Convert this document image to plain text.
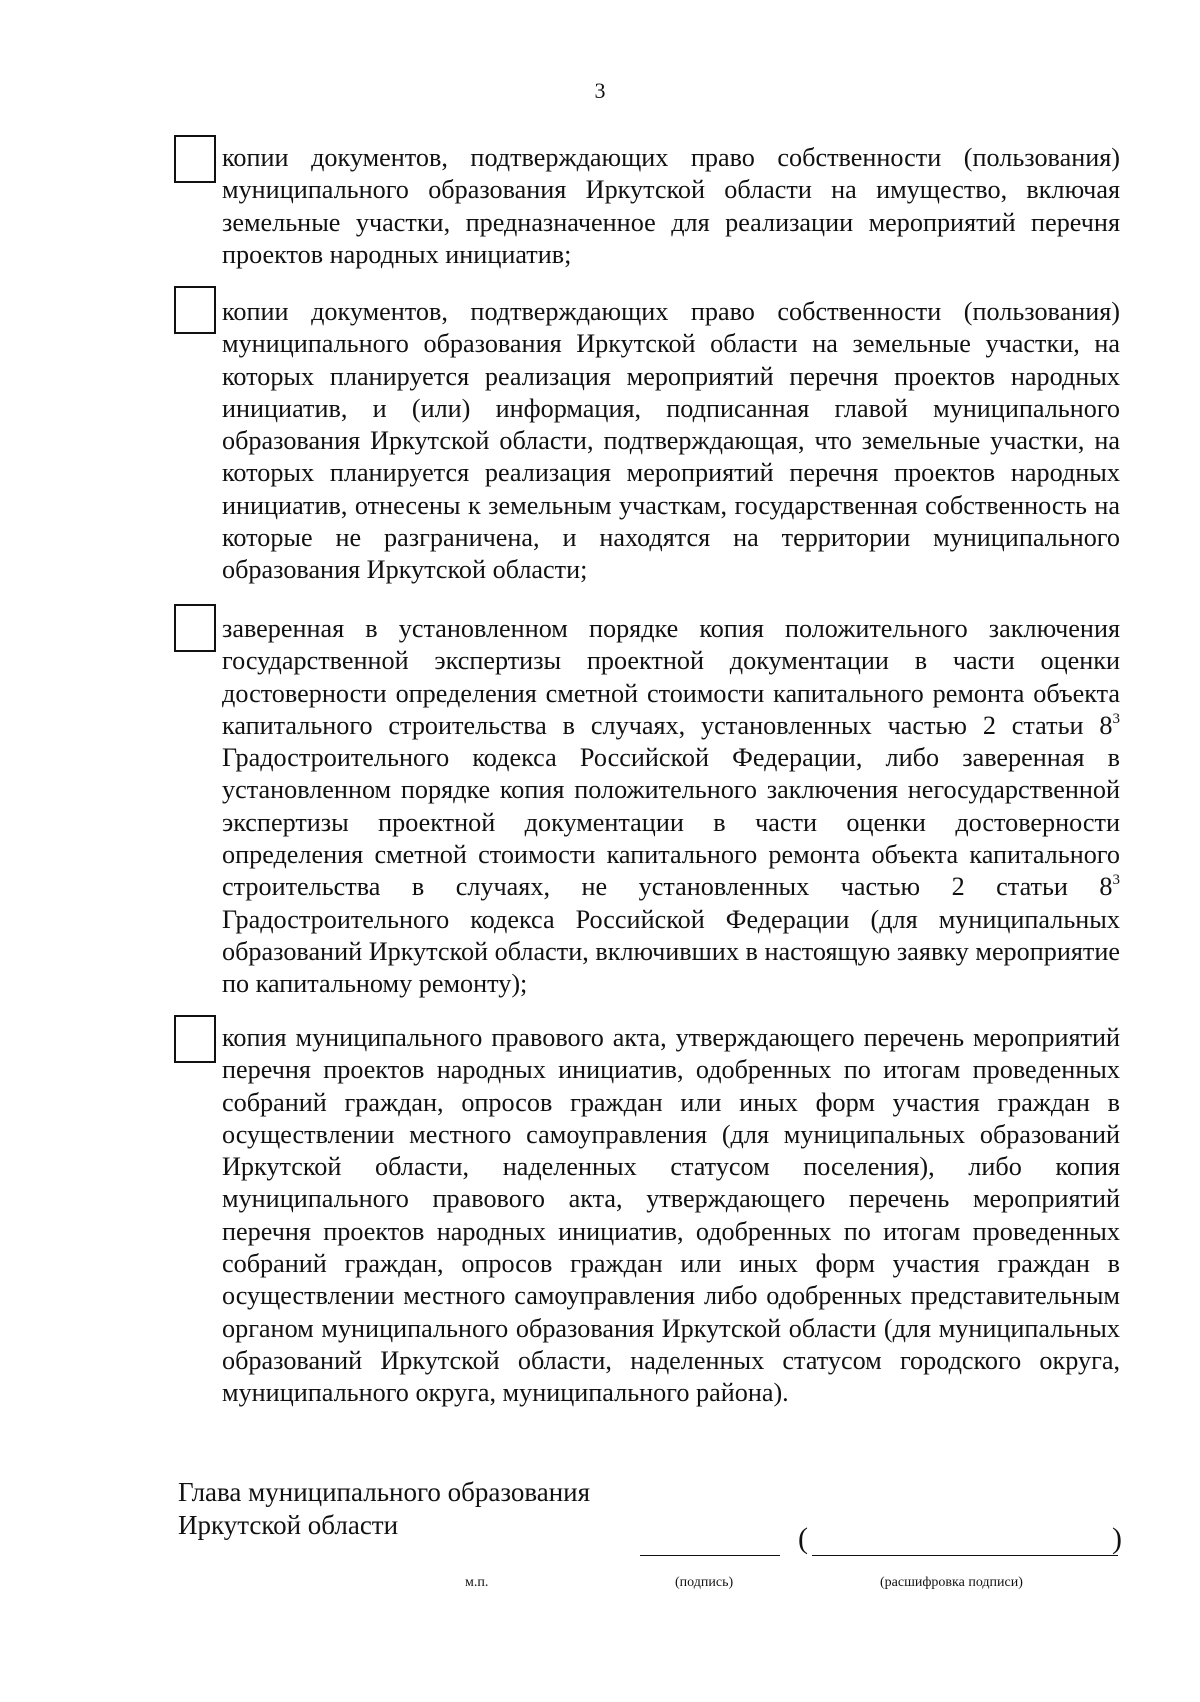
3

копии документов, подтверждающих право собственности (пользования) муниципального образования Иркутской области на имущество, включая земельные участки, предназначенное для реализации мероприятий перечня проектов народных инициатив;

копии документов, подтверждающих право собственности (пользования) муниципального образования Иркутской области на земельные участки, на которых планируется реализация мероприятий перечня проектов народных инициатив, и (или) информация, подписанная главой муниципального образования Иркутской области, подтверждающая, что земельные участки, на которых планируется реализация мероприятий перечня проектов народных инициатив, отнесены к земельным участкам, государственная собственность на которые не разграничена, и находятся на территории муниципального образования Иркутской области;

заверенная в установленном порядке копия положительного заключения государственной экспертизы проектной документации в части оценки достоверности определения сметной стоимости капитального ремонта объекта капитального строительства в случаях, установленных частью 2 статьи $8^3$ Градостроительного кодекса Российской Федерации, либо заверенная в установленном порядке копия положительного заключения негосударственной экспертизы проектной документации в части оценки достоверности определения сметной стоимости капитального ремонта объекта капитального строительства в случаях, не установленных частью 2 статьи $8^3$ Градостроительного кодекса Российской Федерации (для муниципальных образований Иркутской области, включивших в настоящую заявку мероприятие по капитальному ремонту);

копия муниципального правового акта, утверждающего перечень мероприятий перечня проектов народных инициатив, одобренных по итогам проведенных собраний граждан, опросов граждан или иных форм участия граждан в осуществлении местного самоуправления (для муниципальных образований Иркутской области, наделенных статусом поселения), либо копия муниципального правового акта, утверждающего перечень мероприятий перечня проектов народных инициатив, одобренных по итогам проведенных собраний граждан, опросов граждан или иных форм участия граждан в осуществлении местного самоуправления либо одобренных представительным органом муниципального образования Иркутской области (для муниципальных образований Иркутской области, наделенных статусом городского округа, муниципального округа, муниципального района).

Глава муниципального образования
Иркутской области	(	)
м.п.	(подпись)	(расшифровка подписи)
